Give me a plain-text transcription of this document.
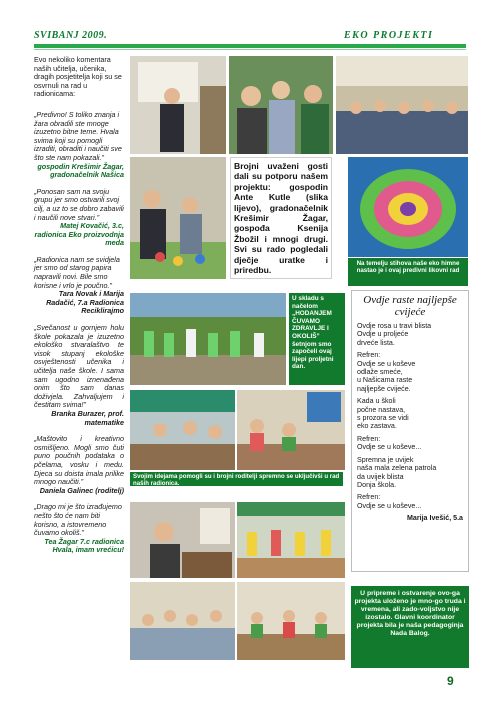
SVIBANJ 2009.	EKO PROJEKTI

Evo nekoliko komentara naših učitelja, učenika, dragih posjetitelja koji su se osvrnuli na rad u radionicama:

„Predivno! S toliko znanja i žara obradili ste mnoge izuzetno bitne teme. Hvala svima koji su pomogli izraditi, obraditi i naučiti sve što ste nam pokazali.”

gospodin Krešimir Žagar, gradonačelnik Našica

„Ponosan sam na svoju grupu jer smo ostvarili svoj cilj, a uz to se dobro zabavili i naučili nove stvari.”

Matej Kovačić, 3.c, radionica Eko proizvodnja meda

„Radionica nam se svidjela jer smo od starog papira napravili novi. Bile smo korisne i vrlo je poučno.”

Tara Novak i Marija Radačić, 7.a Radionica Reciklirajmo

„Svečanost u gornjem holu škole pokazala je izuzetno ekološko stvaralaštvo te visok stupanj ekološke osvještenosti učenika i učitelja naše škole. I sama sam ugodno iznenađena onim što sam danas doživjela. Zahvaljujem i čestitam svima!”

Branka Burazer, prof. matematike

„Maštovito i kreativno osmišljeno. Mogli smo čuti puno poučnih podataka o pčelama, vosku i medu. Djeca su doista imala prilike mnogo naučiti.”

Daniela Galinec (roditelj)

„Drago mi je što izrađujemo nešto što će nam biti korisno, a istovremeno čuvamo okoliš.”

Tea Žagar 7.c radionica Hvala, imam vrećicu!

Brojni uvaženi gosti dali su potporu našem projektu: gospodin Ante Kutle (slika lijevo), gradonačelnik Krešimir Žagar, gospođa Ksenija Žbožil i mnogi drugi. Svi su rado pogledali dječje uratke i priredbu.
Na temelju stihova naše eko himne nastao je i ovaj predivni likovni rad
U skladu s načelom „HODANJEM ČUVAMO ZDRAVLJE I OKOLIŠ” šetnjom smo započeli ovaj lijepi proljetni dan.
Svojim idejama pomogli su i brojni roditelji spremno se uključivši u rad naših radionica.
U pripreme i ostvarenje ovo-ga projekta uloženo je mno-go truda i vremena, ali zado-voljstvo nije izostalo. Glavni koordinator projekta bila je naša pedagoginja Nada Balog.
Ovdje raste najljepše cvijeće

Ovdje rosa u travi blista
Ovdje u proljeće
drveće lista.

Refren:
Ovdje se u koševe
odlaže smeće,
u Našicama raste
najljepše cvijeće.

Kada u školi
počne nastava,
s prozora se vidi
eko zastava.

Refren:
Ovdje se u koševe...

Spremna je uvijek
naša mala zelena patrola
da uvijek blista
Donja škola.

Refren:
Ovdje se u koševe...

Marija Ivešić, 5.a

9
